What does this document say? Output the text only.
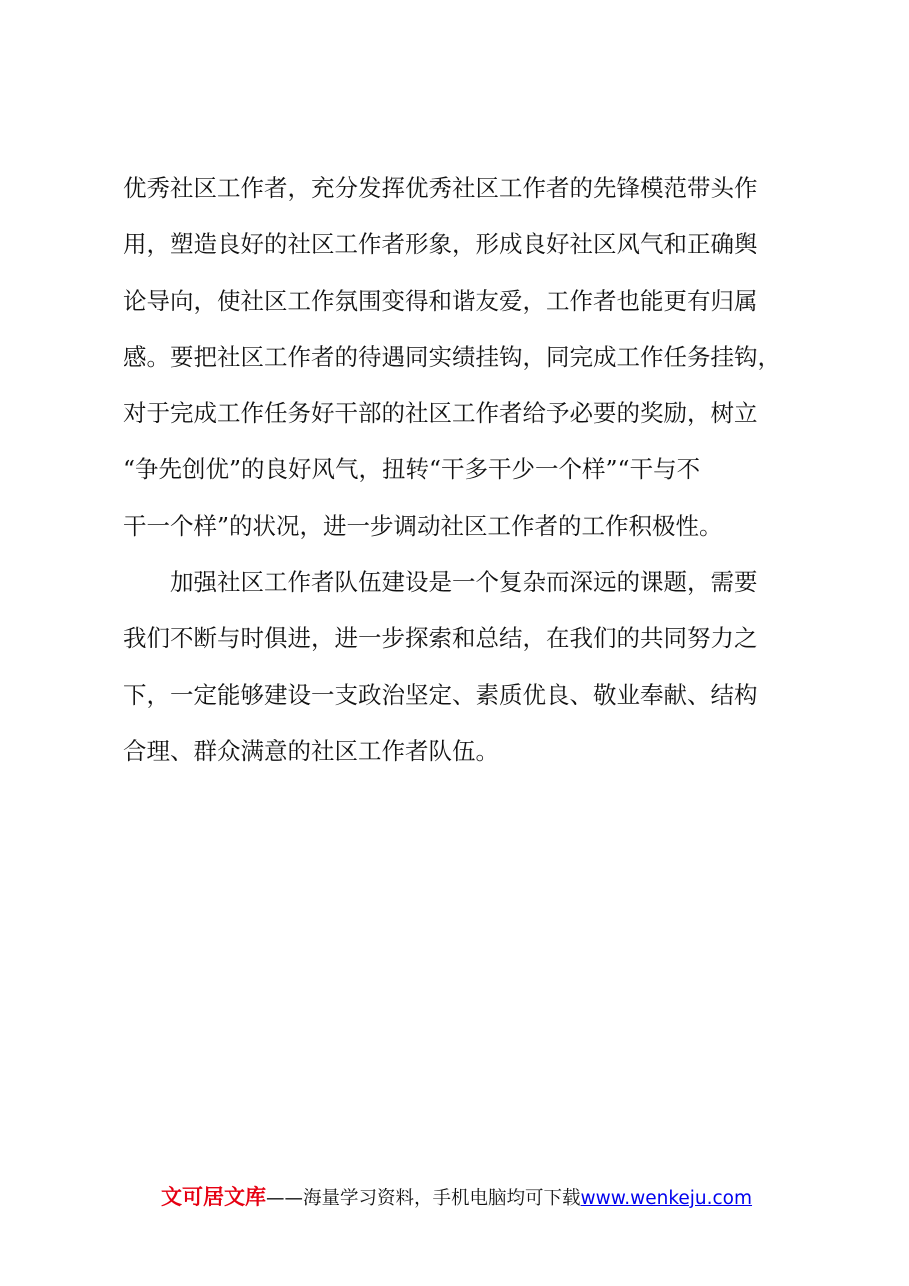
优秀社区工作者，充分发挥优秀社区工作者的先锋模范带头作
用，塑造良好的社区工作者形象，形成良好社区风气和正确舆
论导向，使社区工作氛围变得和谐友爱，工作者也能更有归属
感。要把社区工作者的待遇同实绩挂钩，同完成工作任务挂钩，
对于完成工作任务好干部的社区工作者给予必要的奖励，树立
“争先创优”的良好风气，扭转“干多干少一个样”“干与不
干一个样”的状况，进一步调动社区工作者的工作积极性。
　　加强社区工作者队伍建设是一个复杂而深远的课题，需要
我们不断与时俱进，进一步探索和总结，在我们的共同努力之
下，一定能够建设一支政治坚定、素质优良、敬业奉献、结构
合理、群众满意的社区工作者队伍。
文可居文库——海量学习资料，手机电脑均可下载www.wenkeju.com
